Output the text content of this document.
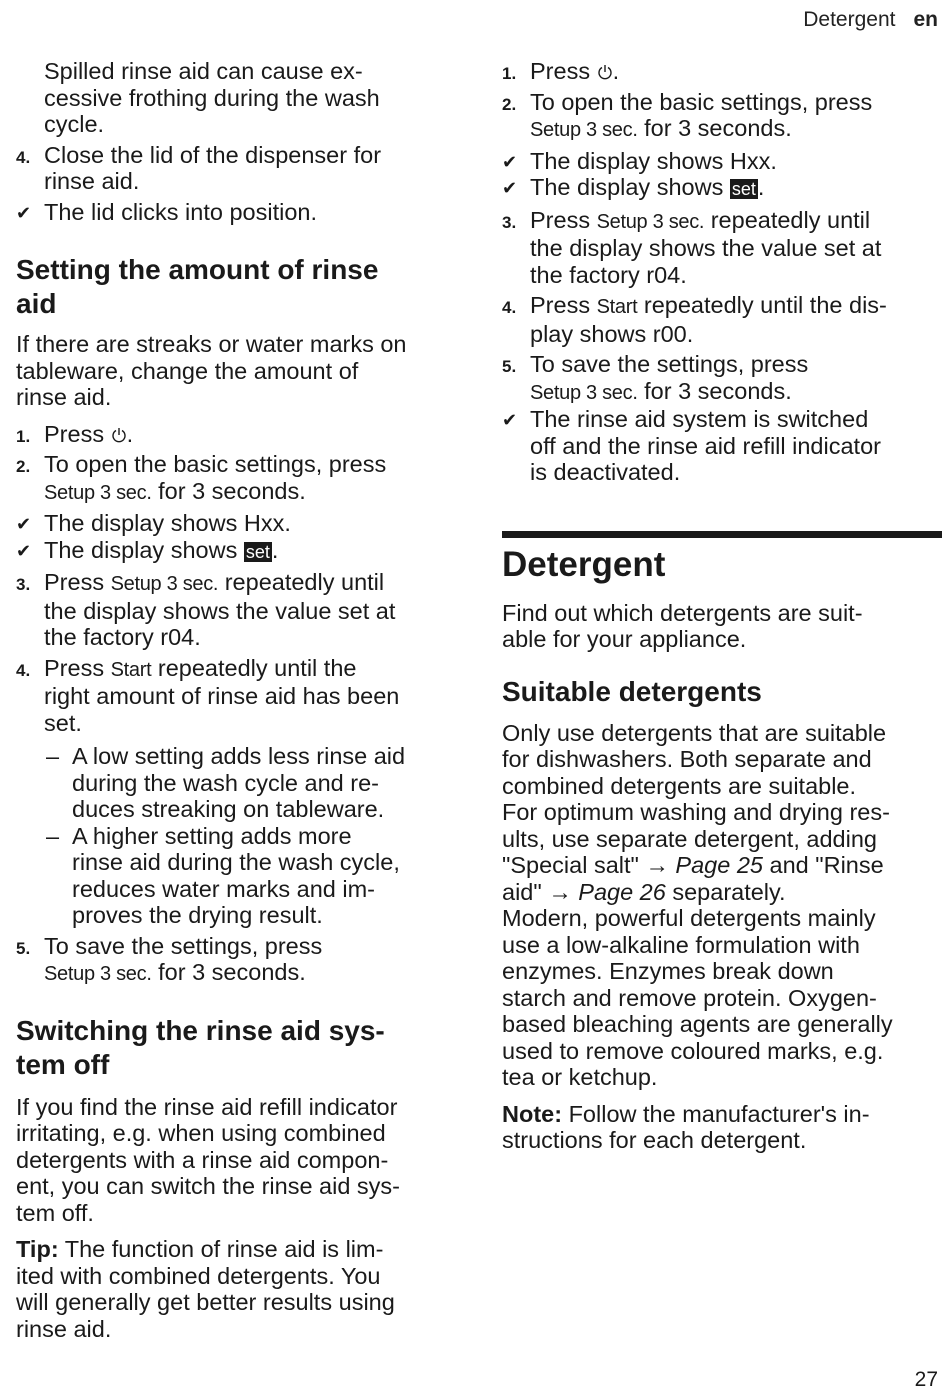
Detergent en
Spilled rinse aid can cause ex-
cessive frothing during the wash
cycle.
4. Close the lid of the dispenser for
rinse aid.
✔ The lid clicks into position.
Setting the amount of rinse
aid
If there are streaks or water marks on
tableware, change the amount of
rinse aid.
1. Press .
2. To open the basic settings, press
Setup 3 sec. for 3 seconds.
✔ The display shows Hxx.
✔ The display shows set.
3. Press Setup 3 sec. repeatedly until
the display shows the value set at
the factory r04.
4. Press Start repeatedly until the
right amount of rinse aid has been
set.
– A low setting adds less rinse aid
during the wash cycle and re-
duces streaking on tableware.
– A higher setting adds more
rinse aid during the wash cycle,
reduces water marks and im-
proves the drying result.
5. To save the settings, press
Setup 3 sec. for 3 seconds.
Switching the rinse aid sys-
tem off
If you find the rinse aid refill indicator
irritating, e.g. when using combined
detergents with a rinse aid compon-
ent, you can switch the rinse aid sys-
tem off.
Tip: The function of rinse aid is lim-
ited with combined detergents. You
will generally get better results using
rinse aid.
1. Press .
2. To open the basic settings, press
Setup 3 sec. for 3 seconds.
✔ The display shows Hxx.
✔ The display shows set.
3. Press Setup 3 sec. repeatedly until
the display shows the value set at
the factory r04.
4. Press Start repeatedly until the dis-
play shows r00.
5. To save the settings, press
Setup 3 sec. for 3 seconds.
✔ The rinse aid system is switched
off and the rinse aid refill indicator
is deactivated.
Detergent
Find out which detergents are suit-
able for your appliance.
Suitable detergents
Only use detergents that are suitable
for dishwashers. Both separate and
combined detergents are suitable.
For optimum washing and drying res-
ults, use separate detergent, adding
"Special salt" → Page 25 and "Rinse
aid" → Page 26 separately.
Modern, powerful detergents mainly
use a low-alkaline formulation with
enzymes. Enzymes break down
starch and remove protein. Oxygen-
based bleaching agents are generally
used to remove coloured marks, e.g.
tea or ketchup.
Note: Follow the manufacturer's in-
structions for each detergent.
27
